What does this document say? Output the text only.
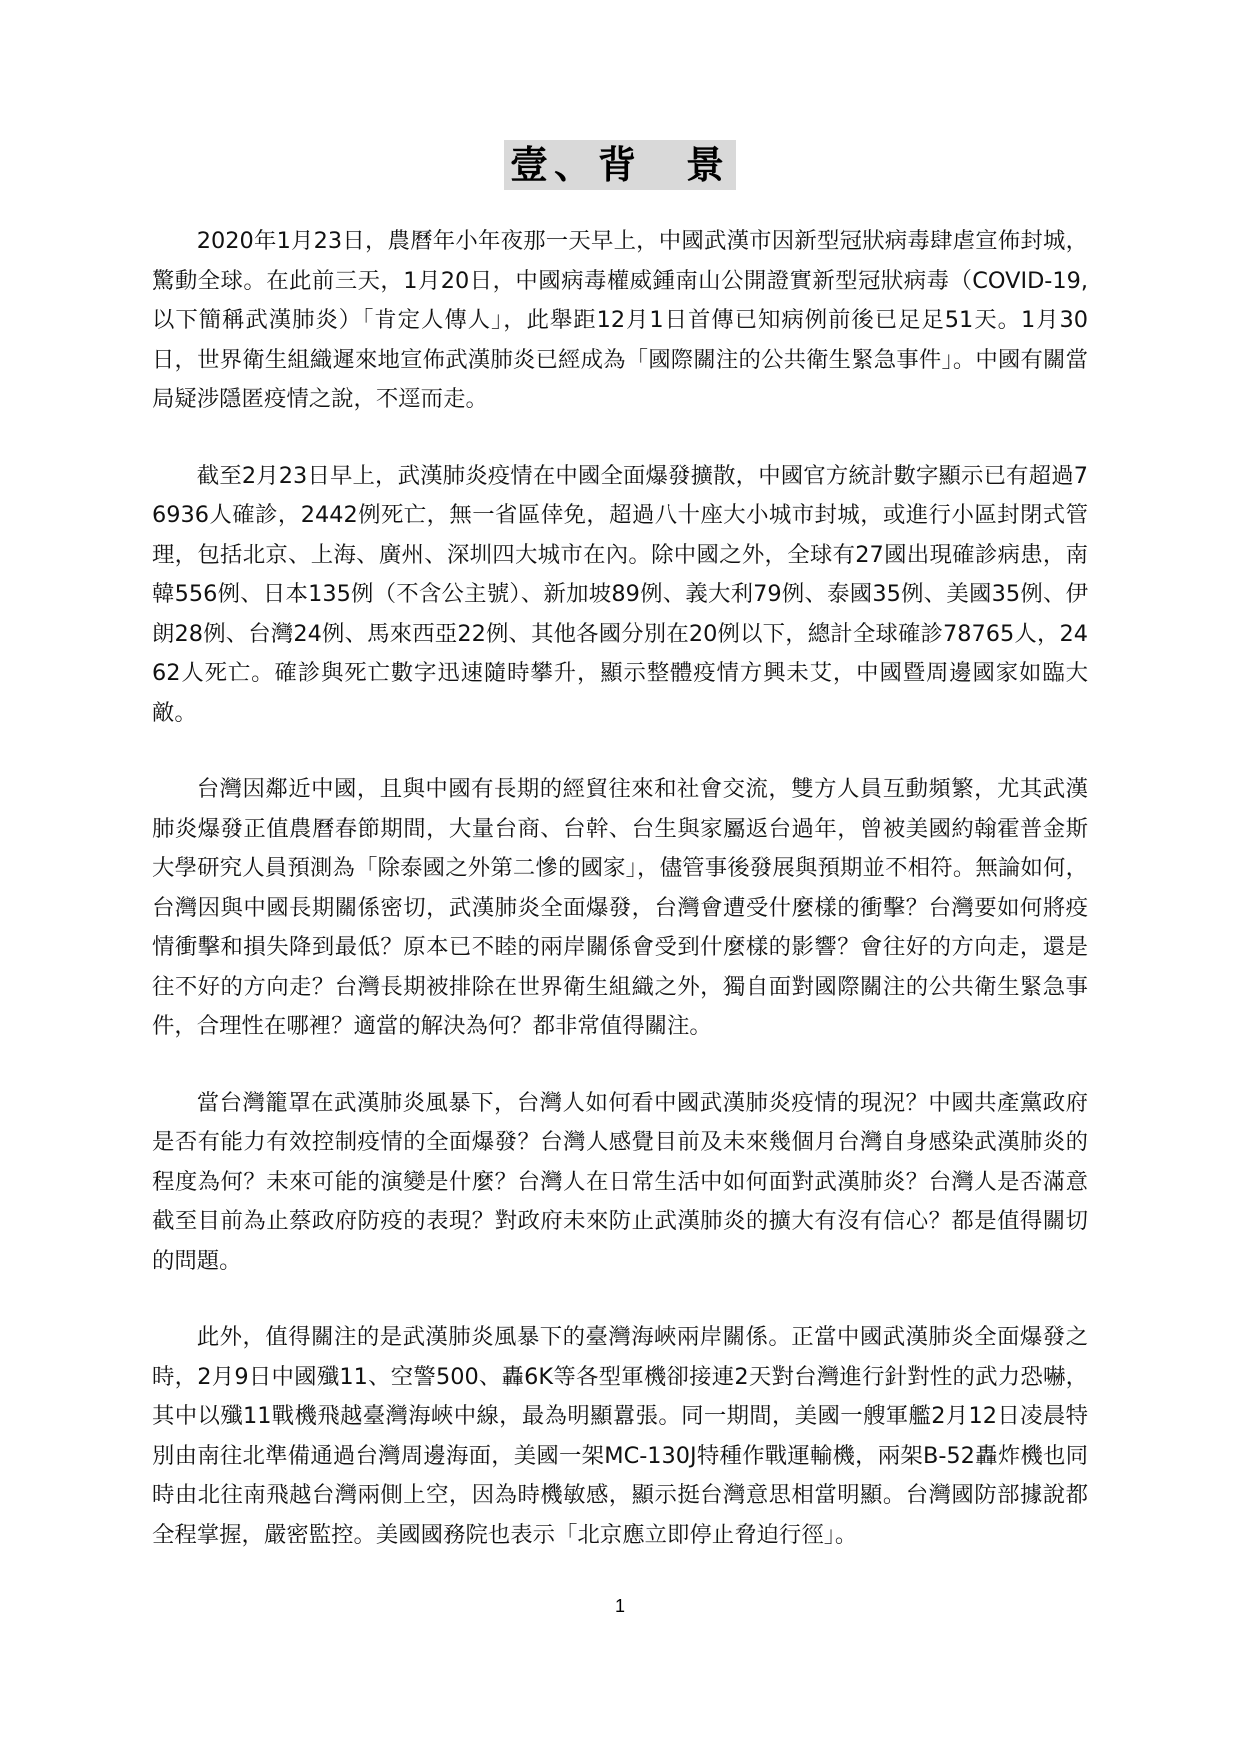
壹、背　景

2020年1月23日，農曆年小年夜那一天早上，中國武漢市因新型冠狀病毒肆虐宣佈封城，驚動全球。在此前三天，1月20日，中國病毒權威鍾南山公開證實新型冠狀病毒（COVID-19, 以下簡稱武漢肺炎）「肯定人傳人」，此舉距12月1日首傳已知病例前後已足足51天。1月30日，世界衛生組織遲來地宣佈武漢肺炎已經成為「國際關注的公共衛生緊急事件」。中國有關當局疑涉隱匿疫情之說，不逕而走。

截至2月23日早上，武漢肺炎疫情在中國全面爆發擴散，中國官方統計數字顯示已有超過76936人確診，2442例死亡，無一省區倖免，超過八十座大小城市封城，或進行小區封閉式管理，包括北京、上海、廣州、深圳四大城市在內。除中國之外，全球有27國出現確診病患，南韓556例、日本135例（不含公主號）、新加坡89例、義大利79例、泰國35例、美國35例、伊朗28例、台灣24例、馬來西亞22例、其他各國分別在20例以下，總計全球確診78765人，2462人死亡。確診與死亡數字迅速隨時攀升，顯示整體疫情方興未艾，中國暨周邊國家如臨大敵。

台灣因鄰近中國，且與中國有長期的經貿往來和社會交流，雙方人員互動頻繁，尤其武漢肺炎爆發正值農曆春節期間，大量台商、台幹、台生與家屬返台過年，曾被美國約翰霍普金斯大學研究人員預測為「除泰國之外第二慘的國家」，儘管事後發展與預期並不相符。無論如何，台灣因與中國長期關係密切，武漢肺炎全面爆發，台灣會遭受什麼樣的衝擊？台灣要如何將疫情衝擊和損失降到最低？原本已不睦的兩岸關係會受到什麼樣的影響？會往好的方向走，還是往不好的方向走？台灣長期被排除在世界衛生組織之外，獨自面對國際關注的公共衛生緊急事件，合理性在哪裡？適當的解決為何？都非常值得關注。

當台灣籠罩在武漢肺炎風暴下，台灣人如何看中國武漢肺炎疫情的現況？中國共產黨政府是否有能力有效控制疫情的全面爆發？台灣人感覺目前及未來幾個月台灣自身感染武漢肺炎的程度為何？未來可能的演變是什麼？台灣人在日常生活中如何面對武漢肺炎？台灣人是否滿意截至目前為止蔡政府防疫的表現？對政府未來防止武漢肺炎的擴大有沒有信心？都是值得關切的問題。

此外，值得關注的是武漢肺炎風暴下的臺灣海峽兩岸關係。正當中國武漢肺炎全面爆發之時，2月9日中國殲11、空警500、轟6K等各型軍機卻接連2天對台灣進行針對性的武力恐嚇，其中以殲11戰機飛越臺灣海峽中線，最為明顯囂張。同一期間，美國一艘軍艦2月12日凌晨特別由南往北準備通過台灣周邊海面，美國一架MC-130J特種作戰運輸機，兩架B-52轟炸機也同時由北往南飛越台灣兩側上空，因為時機敏感，顯示挺台灣意思相當明顯。台灣國防部據說都全程掌握，嚴密監控。美國國務院也表示「北京應立即停止脅迫行徑」。

1
